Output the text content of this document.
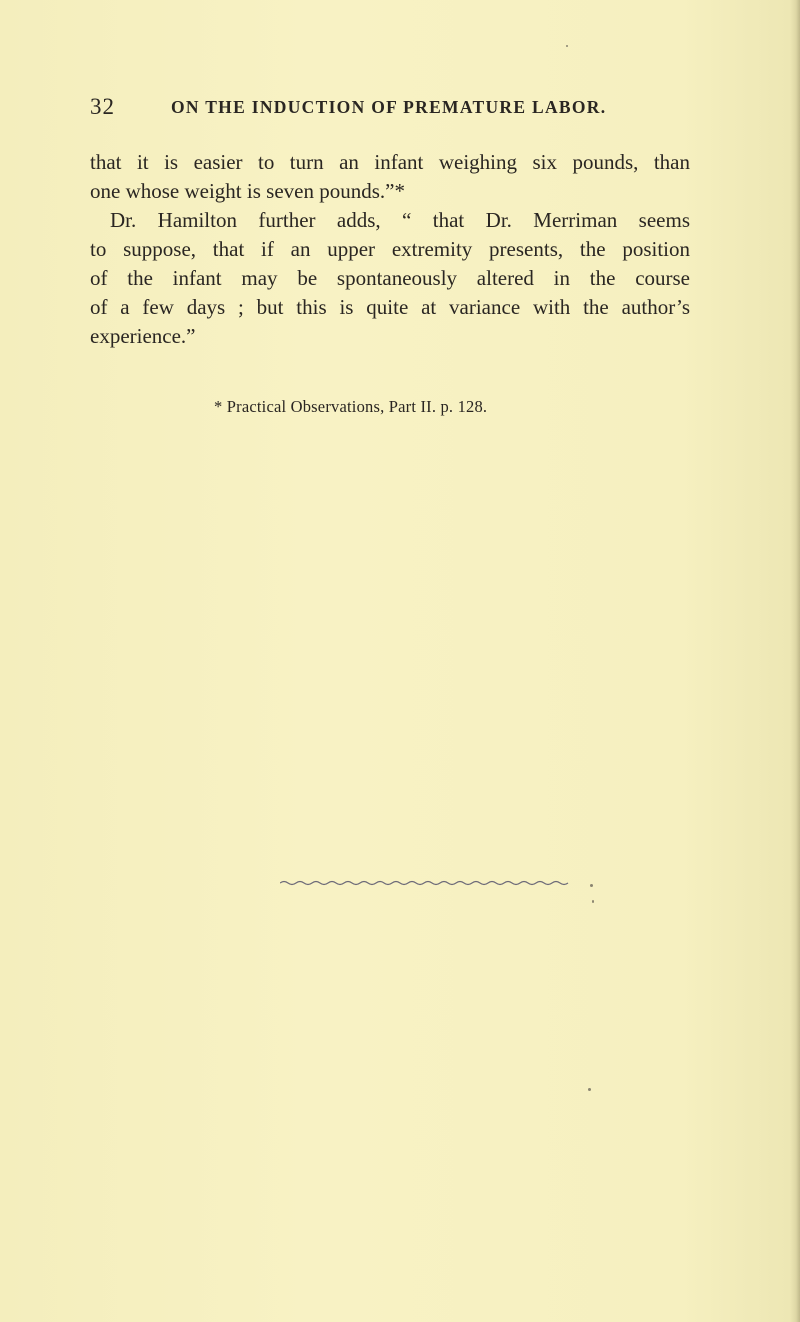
32	ON THE INDUCTION OF PREMATURE LABOR.
that it is easier to turn an infant weighing six pounds, than
one whose weight is seven pounds.”*
Dr. Hamilton further adds, “ that Dr. Merriman seems
to suppose, that if an upper extremity presents, the position
of the infant may be spontaneously altered in the course
of a few days ; but this is quite at variance with the author’s
experience.”
* Practical Observations, Part II. p. 128.
